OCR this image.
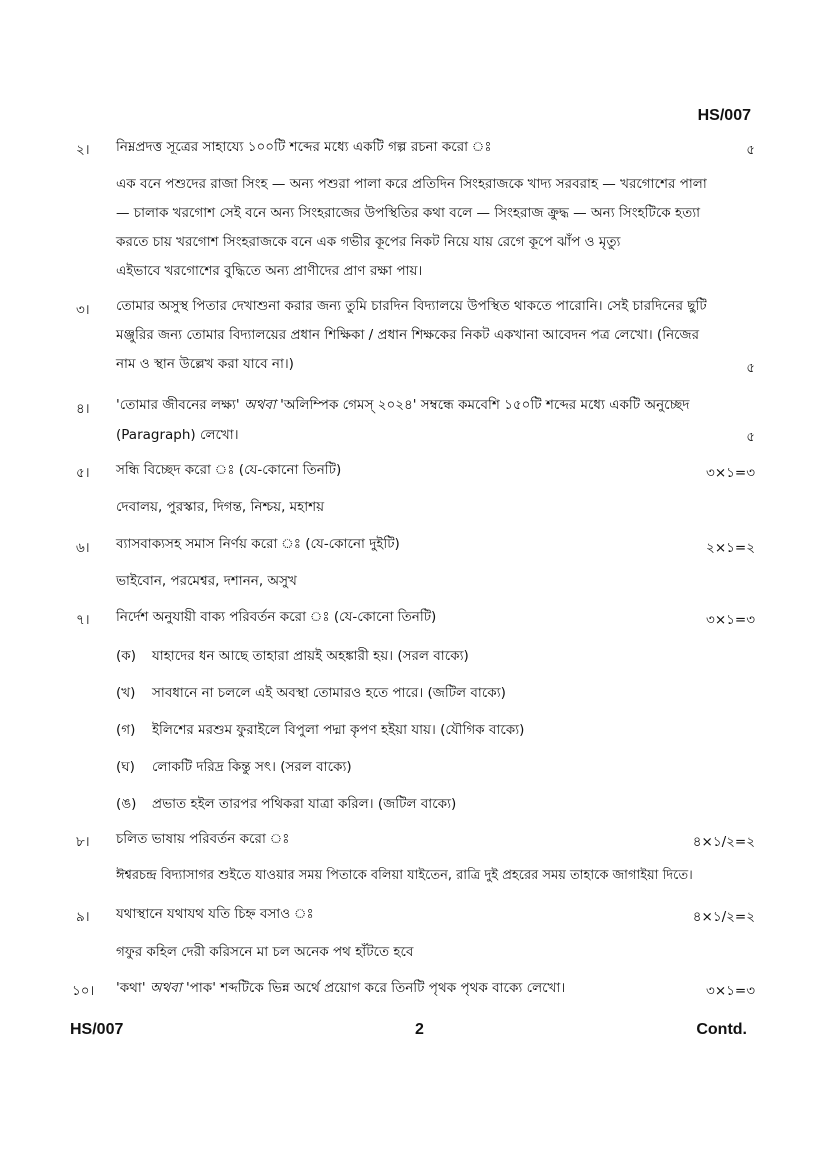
HS/007
২। নিম্নপ্রদত্ত সূত্রের সাহায্যে ১০০টি শব্দের মধ্যে একটি গল্প রচনা করো ঃ	৫
এক বনে পশুদের রাজা সিংহ — অন্য পশুরা পালা করে প্রতিদিন সিংহরাজকে খাদ্য সরবরাহ — খরগোশের পালা
— চালাক খরগোশ সেই বনে অন্য সিংহরাজের উপস্থিতির কথা বলে — সিংহরাজ ক্রুদ্ধ — অন্য সিংহটিকে হত্যা
করতে চায় খরগোশ সিংহরাজকে বনে এক গভীর কূপের নিকট নিয়ে যায় রেগে কূপে ঝাঁপ ও মৃত্যু
এইভাবে খরগোশের বুদ্ধিতে অন্য প্রাণীদের প্রাণ রক্ষা পায়।
৩। তোমার অসুস্থ পিতার দেখাশুনা করার জন্য তুমি চারদিন বিদ্যালয়ে উপস্থিত থাকতে পারোনি। সেই চারদিনের ছুটি
মঞ্জুরির জন্য তোমার বিদ্যালয়ের প্রধান শিক্ষিকা / প্রধান শিক্ষকের নিকট একখানা আবেদন পত্র লেখো। (নিজের
নাম ও স্থান উল্লেখ করা যাবে না।)	৫
৪। 'তোমার জীবনের লক্ষ্য' অথবা 'অলিম্পিক গেমস্ ২০২৪' সম্বন্ধে কমবেশি ১৫০টি শব্দের মধ্যে একটি অনুচ্ছেদ
(Paragraph) লেখো।	৫
৫। সন্ধি বিচ্ছেদ করো ঃ (যে-কোনো তিনটি)	৩×১=৩
দেবালয়, পুরস্কার, দিগন্ত, নিশ্চয়, মহাশয়
৬। ব্যাসবাক্যসহ সমাস নির্ণয় করো ঃ (যে-কোনো দুইটি)	২×১=২
ভাইবোন, পরমেশ্বর, দশানন, অসুখ
৭। নির্দেশ অনুযায়ী বাক্য পরিবর্তন করো ঃ (যে-কোনো তিনটি)	৩×১=৩
(ক) যাহাদের ধন আছে তাহারা প্রায়ই অহঙ্কারী হয়। (সরল বাক্যে)
(খ) সাবধানে না চললে এই অবস্থা তোমারও হতে পারে। (জটিল বাক্যে)
(গ) ইলিশের মরশুম ফুরাইলে বিপুলা পদ্মা কৃপণ হইয়া যায়। (যৌগিক বাক্যে)
(ঘ) লোকটি দরিদ্র কিন্তু সৎ। (সরল বাক্যে)
(ঙ) প্রভাত হইল তারপর পথিকরা যাত্রা করিল। (জটিল বাক্যে)
৮। চলিত ভাষায় পরিবর্তন করো ঃ	৪×১/২=২
ঈশ্বরচন্দ্র বিদ্যাসাগর শুইতে যাওয়ার সময় পিতাকে বলিয়া যাইতেন, রাত্রি দুই প্রহরের সময় তাহাকে জাগাইয়া দিতে।
৯। যথাস্থানে যথাযথ যতি চিহ্ন বসাও ঃ	৪×১/২=২
গফুর কহিল দেরী করিসনে মা চল অনেক পথ হাঁটতে হবে
১০। 'কথা' অথবা 'পাক' শব্দটিকে ভিন্ন অর্থে প্রয়োগ করে তিনটি পৃথক পৃথক বাক্যে লেখো।	৩×১=৩
HS/007	2	Contd.
